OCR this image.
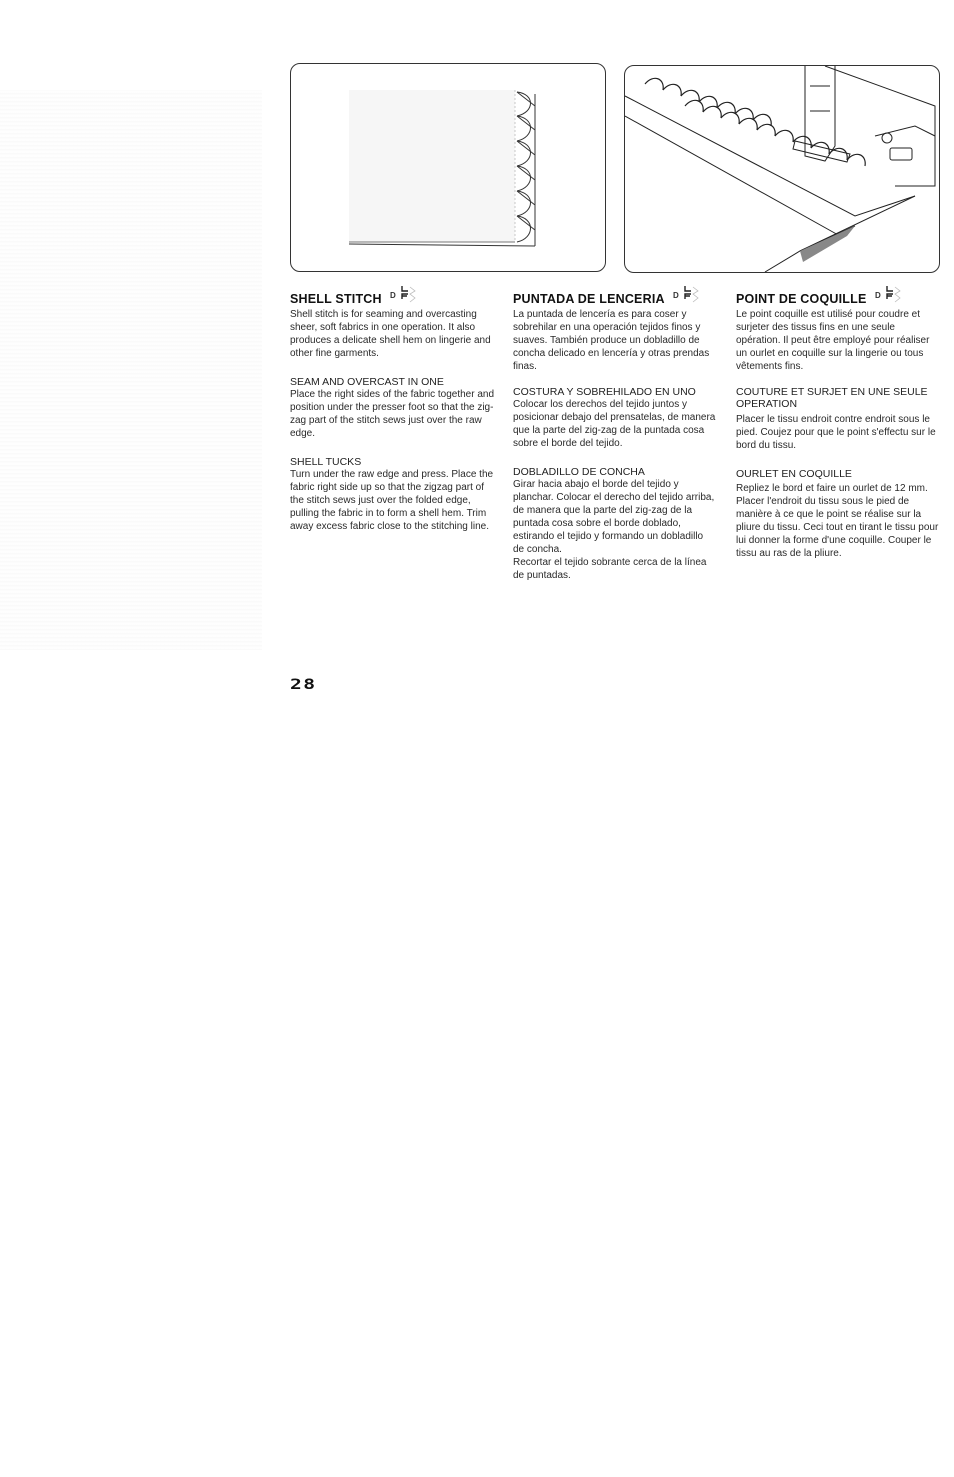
SHELL STITCH D

Shell stitch is for seaming and overcasting sheer, soft fabrics in one operation. It also produces a delicate shell hem on lingerie and other fine garments.

SEAM AND OVERCAST IN ONE

Place the right sides of the fabric together and position under the presser foot so that the zig-zag part of the stitch sews just over the raw edge.

SHELL TUCKS

Turn under the raw edge and press. Place the fabric right side up so that the zigzag part of the stitch sews just over the folded edge, pulling the fabric in to form a shell hem. Trim away excess fabric close to the stitching line.

PUNTADA DE LENCERIA D

La puntada de lencería es para coser y sobrehilar en una operación tejidos finos y suaves. También produce un dobladillo de concha delicado en lencería y otras prendas finas.

COSTURA Y SOBREHILADO EN UNO

Colocar los derechos del tejido juntos y posicionar debajo del prensatelas, de manera que la parte del zig-zag de la puntada cosa sobre el borde del tejido.

DOBLADILLO DE CONCHA

Girar hacia abajo el borde del tejido y planchar. Colocar el derecho del tejido arriba, de manera que la parte del zig-zag de la puntada cosa sobre el borde doblado, estirando el tejido y formando un dobladillo de concha.

Recortar el tejido sobrante cerca de la línea de puntadas.

POINT DE COQUILLE D

Le point coquille est utilisé pour coudre et surjeter des tissus fins en une seule opération. Il peut être employé pour réaliser un ourlet en coquille sur la lingerie ou tous vêtements fins.

COUTURE ET SURJET EN UNE SEULE OPERATION

Placer le tissu endroit contre endroit sous le pied. Coujez pour que le point s'effectu sur le bord du tissu.

OURLET EN COQUILLE

Repliez le bord et faire un ourlet de 12 mm. Placer l'endroit du tissu sous le pied de manière à ce que le point se réalise sur la pliure du tissu. Ceci tout en tirant le tissu pour lui donner la forme d'une coquille. Couper le tissu au ras de la pliure.

28
